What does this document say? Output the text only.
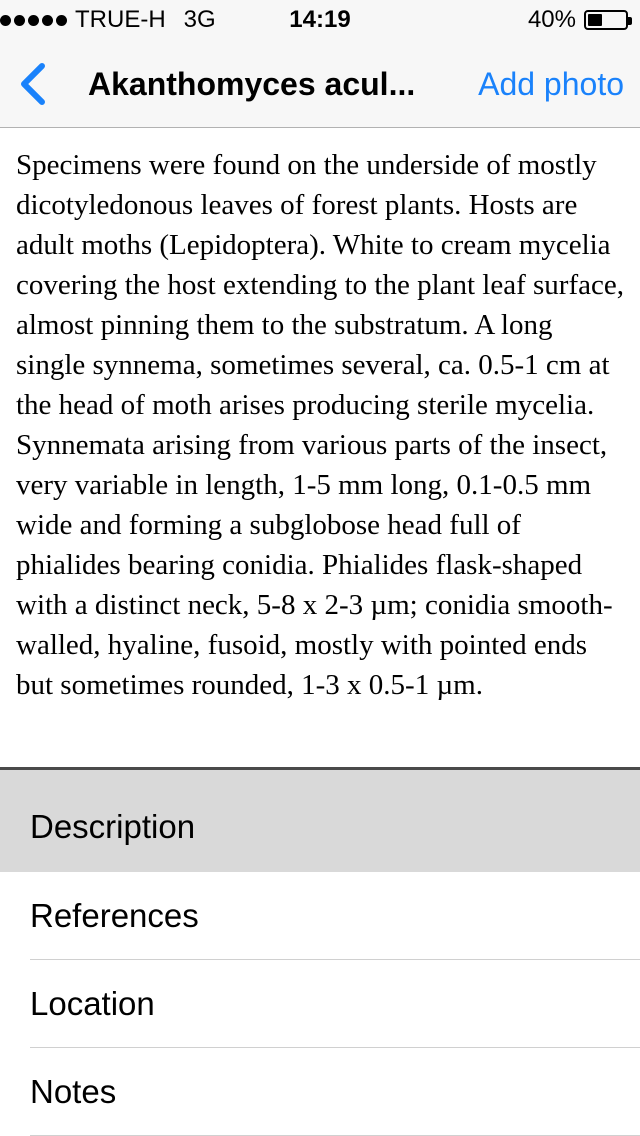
TRUE-H 3G	14:19	40%
Akanthomyces acul...	Add photo

Specimens were found on the underside of mostly dicotyledonous leaves of forest plants. Hosts are adult moths (Lepidoptera). White to cream mycelia covering the host extending to the plant leaf surface, almost pinning them to the substratum. A long single synnema, sometimes several, ca. 0.5-1 cm at the head of moth arises producing sterile mycelia. Synnemata arising from various parts of the insect, very variable in length, 1-5 mm long, 0.1-0.5 mm wide and forming a subglobose head full of phialides bearing conidia. Phialides flask-shaped with a distinct neck, 5-8 x 2-3 µm; conidia smooth-walled, hyaline, fusoid, mostly with pointed ends but sometimes rounded, 1-3 x 0.5-1 µm.

Description
References
Location
Notes
